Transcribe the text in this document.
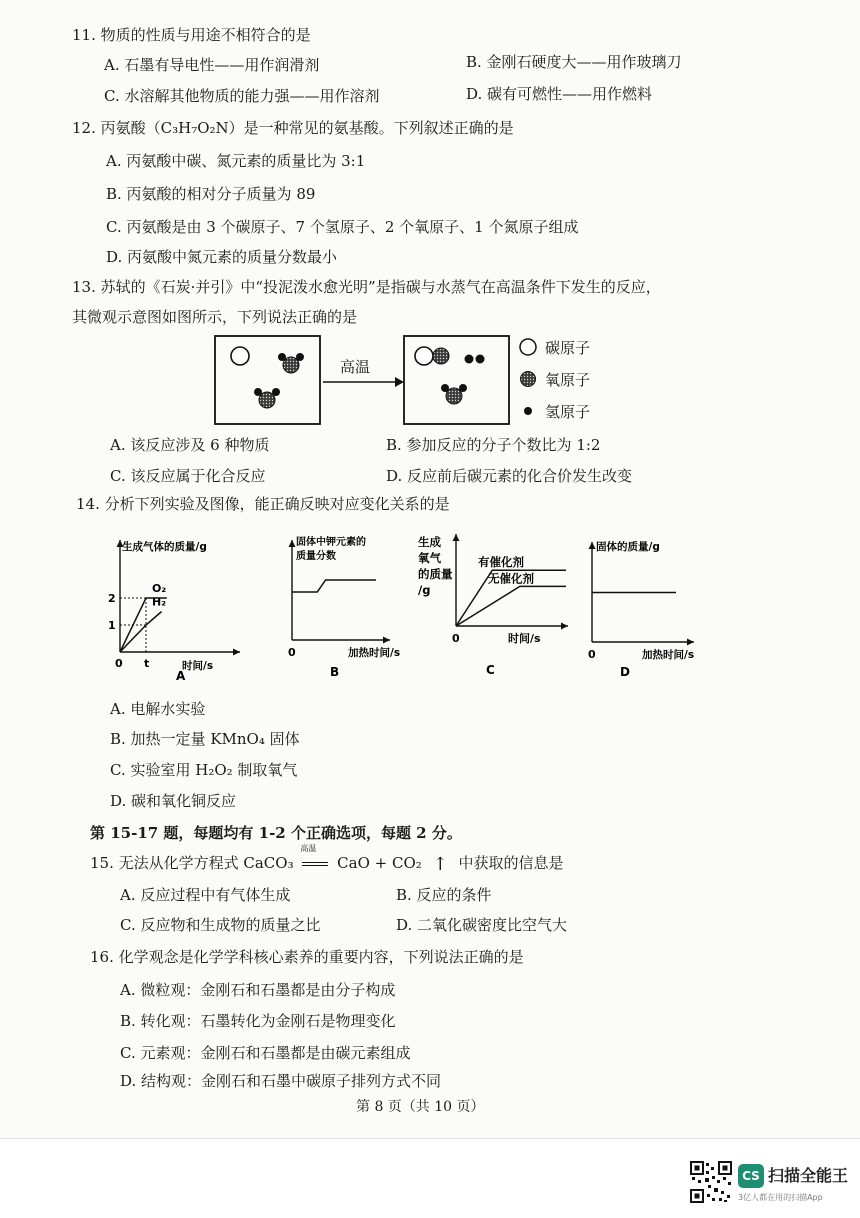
11. 物质的性质与用途不相符合的是
A. 石墨有导电性——用作润滑剂	B. 金刚石硬度大——用作玻璃刀
C. 水溶解其他物质的能力强——用作溶剂	D. 碳有可燃性——用作燃料
12. 丙氨酸（C₃H₇O₂N）是一种常见的氨基酸。下列叙述正确的是
A. 丙氨酸中碳、氮元素的质量比为 3:1
B. 丙氨酸的相对分子质量为 89
C. 丙氨酸是由 3 个碳原子、7 个氢原子、2 个氧原子、1 个氮原子组成
D. 丙氨酸中氮元素的质量分数最小
13. 苏轼的《石炭·并引》中“投泥泼水愈光明”是指碳与水蒸气在高温条件下发生的反应，
其微观示意图如图所示，下列说法正确的是
高温
碳原子
氧原子
氢原子
A. 该反应涉及 6 种物质	B. 参加反应的分子个数比为 1:2
C. 该反应属于化合反应	D. 反应前后碳元素的化合价发生改变
14. 分析下列实验及图像，能正确反映对应变化关系的是
生成气体的质量/g
时间/s
0 t
1
2
O₂
H₂
A
固体中钾元素的
质量分数
加热时间/s
0
B
生成
氧气
的质量
/g
时间/s
0
有催化剂
无催化剂
C
固体的质量/g
加热时间/s
0
D
A. 电解水实验
B. 加热一定量 KMnO₄ 固体
C. 实验室用 H₂O₂ 制取氧气
D. 碳和氧化铜反应
第 15-17 题，每题均有 1-2 个正确选项，每题 2 分。
15. 无法从化学方程式 CaCO₃
高温
CaO + CO₂ ↑ 中获取的信息是
A. 反应过程中有气体生成	B. 反应的条件
C. 反应物和生成物的质量之比	D. 二氧化碳密度比空气大
16. 化学观念是化学学科核心素养的重要内容，下列说法正确的是
A. 微粒观：金刚石和石墨都是由分子构成
B. 转化观：石墨转化为金刚石是物理变化
C. 元素观：金刚石和石墨都是由碳元素组成
D. 结构观：金刚石和石墨中碳原子排列方式不同
第 8 页（共 10 页）
CS 扫描全能王
3亿人都在用的扫描App
